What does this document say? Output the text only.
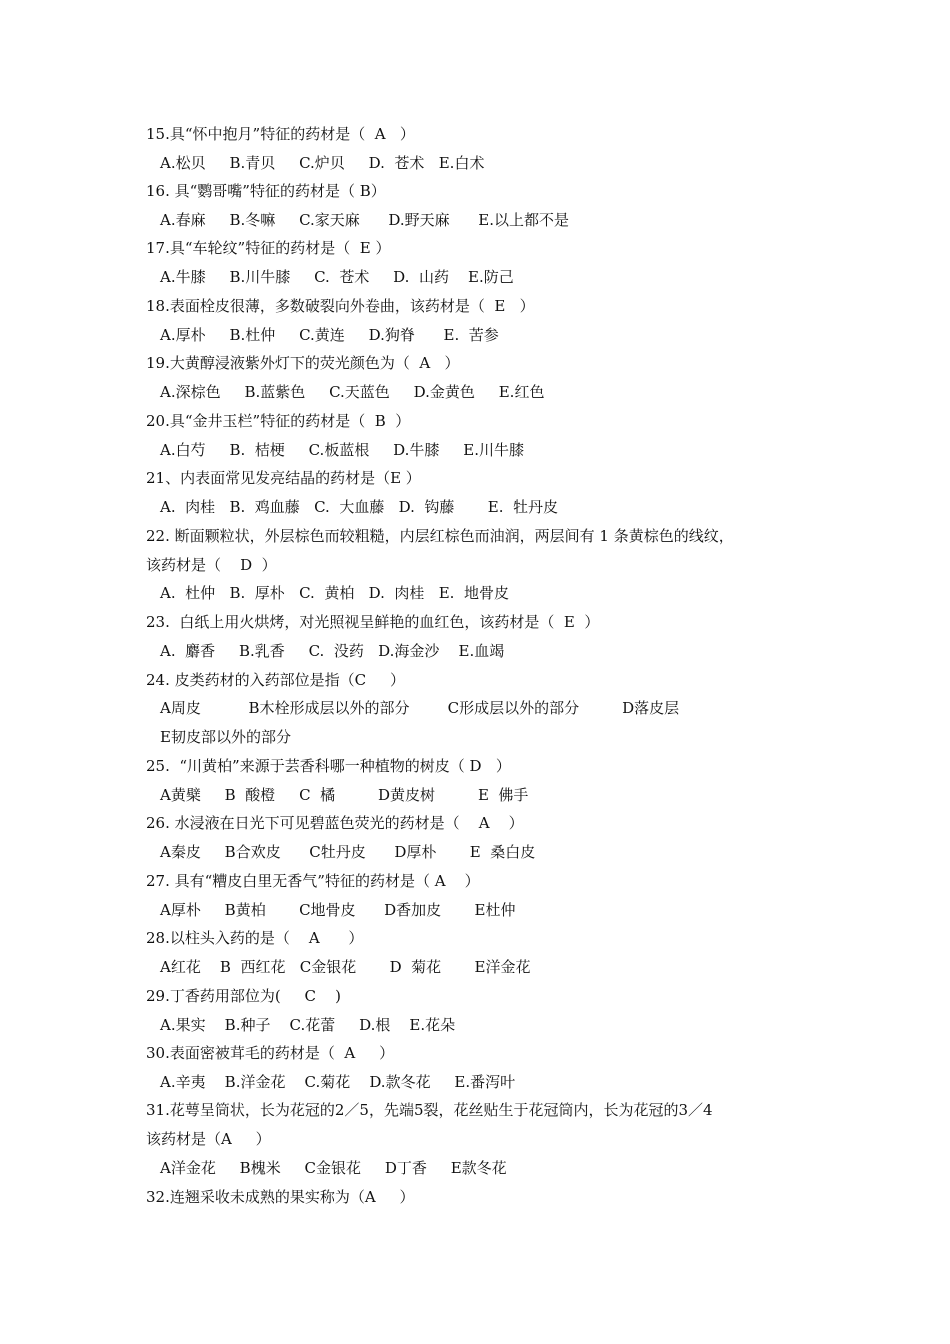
15.具“怀中抱月”特征的药材是（  A   ）
A.松贝     B.青贝     C.炉贝     D.  苍术   E.白术
16. 具“鹦哥嘴”特征的药材是（ B）
A.春麻     B.冬嘛     C.家天麻      D.野天麻      E.以上都不是
17.具“车轮纹”特征的药材是（  E ）
A.牛膝     B.川牛膝     C.  苍术     D.  山药    E.防己
18.表面栓皮很薄，多数破裂向外卷曲，该药材是（  E   ）
A.厚朴     B.杜仲     C.黄连     D.狗脊      E.  苦参
19.大黄醇浸液紫外灯下的荧光颜色为（  A   ）
A.深棕色     B.蓝紫色     C.天蓝色     D.金黄色     E.红色
20.具“金井玉栏”特征的药材是（  B  ）
A.白芍     B.  桔梗     C.板蓝根     D.牛膝     E.川牛膝
21、内表面常见发亮结晶的药材是（E ）
A.  肉桂   B.  鸡血藤   C.  大血藤   D.  钩藤       E.  牡丹皮
22. 断面颗粒状，外层棕色而较粗糙，内层红棕色而油润，两层间有 1 条黄棕色的线纹，
该药材是（    D  ）
A.  杜仲   B.  厚朴   C.  黄柏   D.  肉桂   E.  地骨皮
23.  白纸上用火烘烤，对光照视呈鲜艳的血红色，该药材是（  E  ）
A.  麝香     B.乳香     C.  没药   D.海金沙    E.血竭
24. 皮类药材的入药部位是指（C     ）
A周皮          B木栓形成层以外的部分        C形成层以外的部分         D落皮层
E韧皮部以外的部分
25.  “川黄柏”来源于芸香科哪一种植物的树皮（ D   ）
A黄檗     B  酸橙     C  橘         D黄皮树         E  佛手
26. 水浸液在日光下可见碧蓝色荧光的药材是（    A    ）
A秦皮     B合欢皮      C牡丹皮      D厚朴       E  桑白皮
27. 具有“糟皮白里无香气”特征的药材是（ A    ）
A厚朴     B黄柏       C地骨皮      D香加皮       E杜仲
28.以柱头入药的是（    A      ）
A红花    B  西红花   C金银花       D  菊花       E洋金花
29.丁香药用部位为(     C    )
A.果实    B.种子    C.花蕾     D.根    E.花朵
30.表面密被茸毛的药材是（  A     ）
A.辛夷    B.洋金花    C.菊花    D.款冬花     E.番泻叶
31.花萼呈筒状，长为花冠的2／5，先端5裂，花丝贴生于花冠筒内，长为花冠的3／4
该药材是（A     ）
A洋金花     B槐米     C金银花     D丁香     E款冬花
32.连翘采收未成熟的果实称为（A     ）
